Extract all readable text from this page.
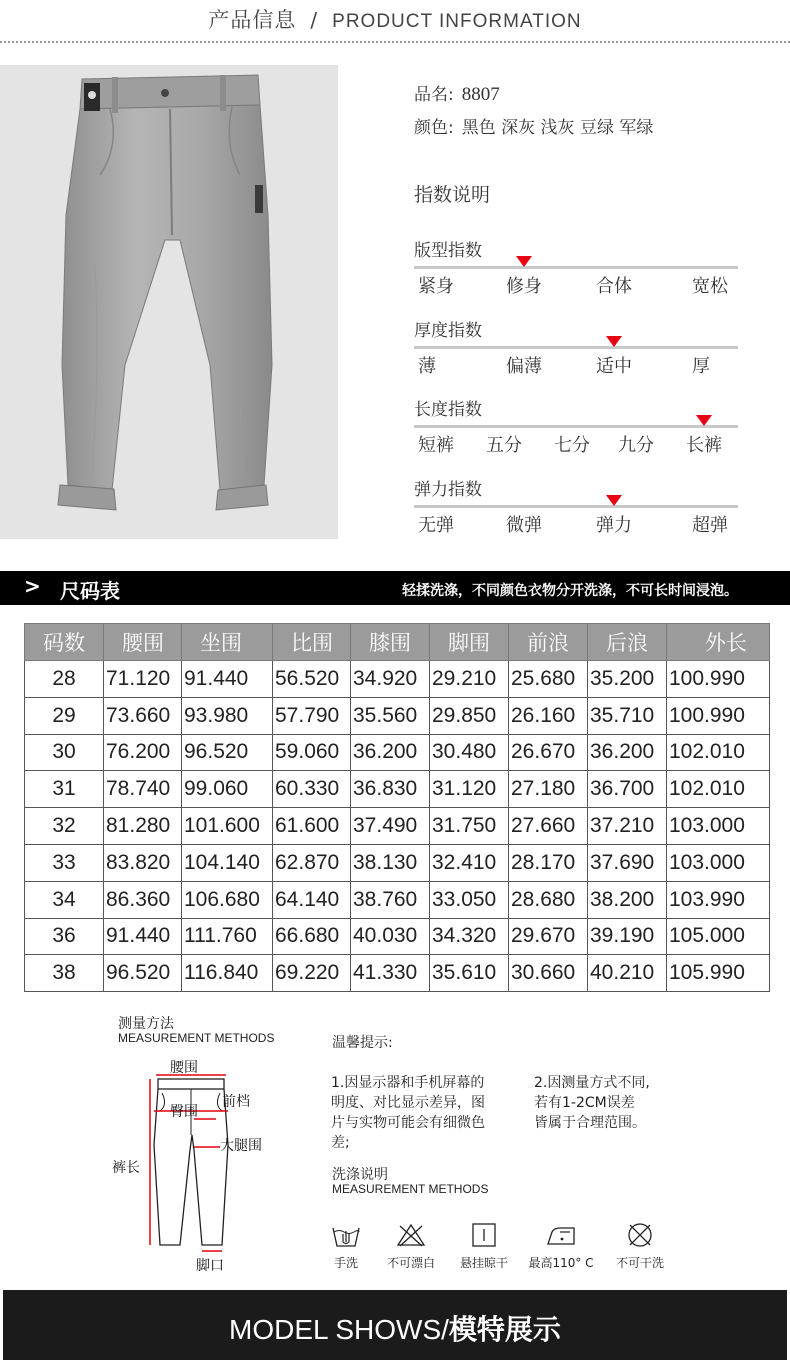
产品信息 / PRODUCT INFORMATION
品名: 8807
颜色: 黑色 深灰 浅灰 豆绿 军绿
指数说明
版型指数
紧身	修身	合体	宽松
厚度指数
薄	偏薄	适中	厚
长度指数
短裤 五分 七分 九分 长裤
弹力指数
无弹	微弹	弹力	超弹
> 尺码表	轻揉洗涤，不同颜色衣物分开洗涤，不可长时间浸泡。
码数	腰围	坐围	比围	膝围	脚围	前浪	后浪	外长
28	71.120	91.440	56.520	34.920	29.210	25.680	35.200	100.990
29	73.660	93.980	57.790	35.560	29.850	26.160	35.710	100.990
30	76.200	96.520	59.060	36.200	30.480	26.670	36.200	102.010
31	78.740	99.060	60.330	36.830	31.120	27.180	36.700	102.010
32	81.280	101.600	61.600	37.490	31.750	27.660	37.210	103.000
33	83.820	104.140	62.870	38.130	32.410	28.170	37.690	103.000
34	86.360	106.680	64.140	38.760	33.050	28.680	38.200	103.990
36	91.440	111.760	66.680	40.030	34.320	29.670	39.190	105.000
38	96.520	116.840	69.220	41.330	35.610	30.660	40.210	105.990
测量方法
MEASUREMENT METHODS
腰围
臀围
前档
大腿围
裤长
脚口
温馨提示:
1.因显示器和手机屏幕的
明度、对比显示差异，图
片与实物可能会有细微色
差;
2.因测量方式不同,
若有1-2CM误差
皆属于合理范围。
洗涤说明
MEASUREMENT METHODS
手洗	不可漂白	悬挂晾干	最高110° C	不可干洗
MODEL SHOWS/模特展示
